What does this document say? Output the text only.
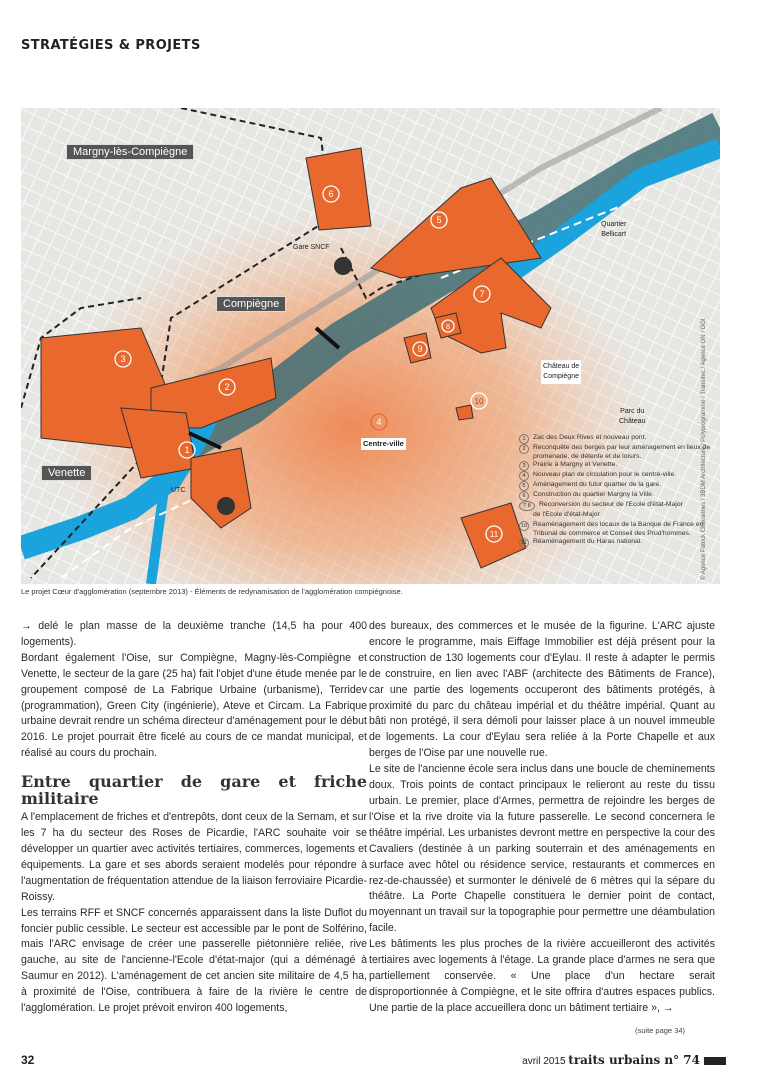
STRATÉGIES & PROJETS
6
5
7
8
9
10
11
3
2
1
4
Margny-lès-Compiègne
Compiègne
Venette
Gare SNCF
Quartier
Bellicart
Château de
Compiègne
Parc du
Château
Centre-ville
UTC
1	Zac des Deux Rives et nouveau pont.
2	Reconquête des berges par leur aménagement en lieux de promenade, de détente et de loisirs.
3	Prairie à Margny et Venette.
4	Nouveau plan de circulation pour le centre-ville.
5	Aménagement du futur quartier de la gare.
6	Construction du quartier Margny la Ville.
7 8	Reconversion du secteur de l'Ecole d'état-Major
de l'Ecole d'état-Major
10 Réaménagement des locaux de la Banque de France en Tribunal de commerce et Conseil des Prud'hommes.
11 Réaménagement du Haras national.	© Agence Patrick Chavannes / 3BDM Architecture / Polyprogramme / Transitec / Agence ON / OGI
Le projet Cœur d'agglomération (septembre 2013) - Éléments de redynamisation de l'agglomération compiégnoise.

→ delé le plan masse de la deuxième tranche (14,5 ha pour 400 logements).

Bordant également l'Oise, sur Compiègne, Magny-lès-Compiègne et Venette, le secteur de la gare (25 ha) fait l'objet d'une étude menée par le groupement composé de La Fabrique Urbaine (urbanisme), Terridev (programmation), Green City (ingénierie), Ateve et Circam. La Fabrique urbaine devrait rendre un schéma directeur d'aménagement pour le début 2016. Le projet pourrait être ficelé au cours de ce mandat municipal, et réalisé au cours du prochain.

Entre quartier de gare et friche militaire

A l'emplacement de friches et d'entrepôts, dont ceux de la Sernam, et sur les 7 ha du secteur des Roses de Picardie, l'ARC souhaite voir se développer un quartier avec activités tertiaires, commerces, logements et équipements. La gare et ses abords seraient modelés pour répondre à l'augmentation de fréquentation attendue de la liaison ferroviaire Picardie-Roissy.

Les terrains RFF et SNCF concernés apparaissent dans la liste Duflot du foncier public cessible. Le secteur est accessible par le pont de Solférino, mais l'ARC envisage de créer une passerelle piétonnière reliée, rive gauche, au site de l'ancienne-l'Ecole d'état-major (qui a déménagé à Saumur en 2012). L'aménagement de cet ancien site militaire de 4,5 ha, à proximité de l'Oise, contribuera à faire de la rivière le centre de l'agglomération. Le projet prévoit environ 400 logements,

des bureaux, des commerces et le musée de la figurine. L'ARC ajuste encore le programme, mais Eiffage Immobilier est déjà présent pour la construction de 130 logements cour d'Eylau. Il reste à adapter le permis de construire, en lien avec l'ABF (architecte des Bâtiments de France), car une partie des logements occuperont des bâtiments protégés, à proximité du parc du château impérial et du théâtre impérial. Quant au bâti non protégé, il sera démoli pour laisser place à un nouvel immeuble de logements. La cour d'Eylau sera reliée à la Porte Chapelle et aux berges de l'Oise par une nouvelle rue.

Le site de l'ancienne école sera inclus dans une boucle de cheminements doux. Trois points de contact principaux le relieront au reste du tissu urbain. Le premier, place d'Armes, permettra de rejoindre les berges de l'Oise et la rive droite via la future passerelle. Le second concernera le théâtre impérial. Les urbanistes devront mettre en perspective la cour des Cavaliers (destinée à un parking souterrain et des aménagements en surface avec hôtel ou résidence service, restaurants et commerces en rez-de-chaussée) et surmonter le dénivelé de 6 mètres qui la sépare du théâtre. La Porte Chapelle constituera le dernier point de contact, moyennant un travail sur la topographie pour permettre une déambulation facile.

Les bâtiments les plus proches de la rivière accueilleront des activités tertiaires avec logements à l'étage. La grande place d'armes ne sera que partiellement conservée. « Une place d'un hectare serait disproportionnée à Compiègne, et le site offrira d'autres espaces publics. Une partie de la place accueillera donc un bâtiment tertiaire », →

(suite page 34)
32	avril 2015 traits urbains n° 74
